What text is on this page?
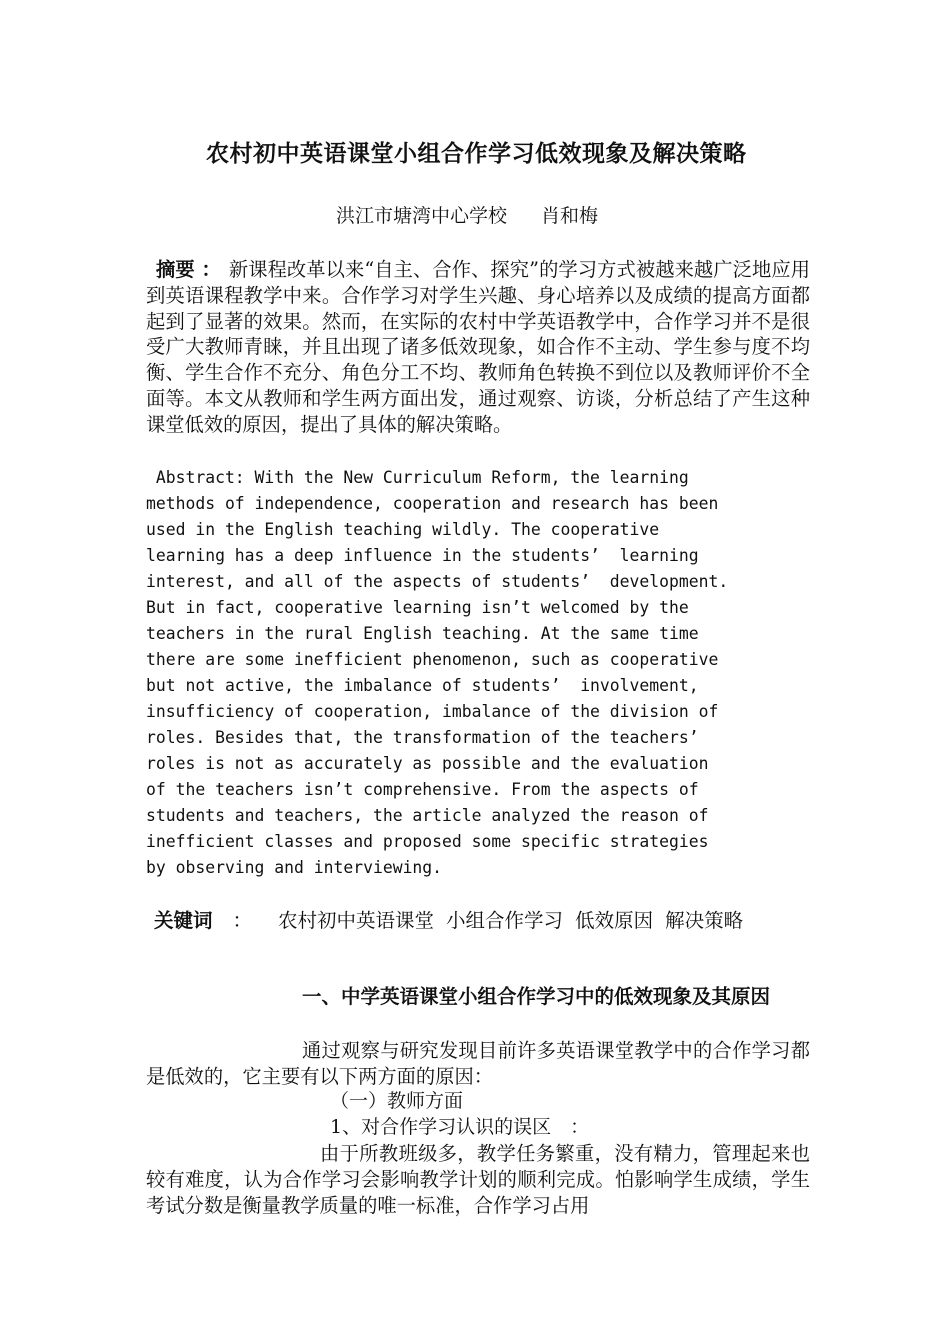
农村初中英语课堂小组合作学习低效现象及解决策略
洪江市塘湾中心学校 肖和梅
摘要 ： 新课程改革以来“自主、合作、探究”的学习方式被越来越广泛地应用到英语课程教学中来。合作学习对学生兴趣、身心培养以及成绩的提高方面都起到了显著的效果。然而，在实际的农村中学英语教学中，合作学习并不是很受广大教师青睐，并且出现了诸多低效现象，如合作不主动、学生参与度不均衡、学生合作不充分、角色分工不均、教师角色转换不到位以及教师评价不全面等。本文从教师和学生两方面出发，通过观察、访谈，分析总结了产生这种课堂低效的原因，提出了具体的解决策略。
Abstract: With the New Curriculum Reform, the learning
methods of independence, cooperation and research has been
used in the English teaching wildly. The cooperative
learning has a deep influence in the students’  learning
interest, and all of the aspects of students’  development.
But in fact, cooperative learning isn’t welcomed by the
teachers in the rural English teaching. At the same time
there are some inefficient phenomenon, such as cooperative
but not active, the imbalance of students’  involvement,
insufficiency of cooperation, imbalance of the division of
roles. Besides that, the transformation of the teachers’
roles is not as accurately as possible and the evaluation
of the teachers isn’t comprehensive. From the aspects of
students and teachers, the article analyzed the reason of
inefficient classes and proposed some specific strategies
by observing and interviewing.
关键词 ： 农村初中英语课堂 小组合作学习 低效原因 解决策略
一、中学英语课堂小组合作学习中的低效现象及其原因
通过观察与研究发现目前许多英语课堂教学中的合作学习都是低效的，它主要有以下两方面的原因：
（一）教师方面
1、对合作学习认识的误区　：
由于所教班级多，教学任务繁重，没有精力，管理起来也较有难度，认为合作学习会影响教学计划的顺利完成。怕影响学生成绩，学生考试分数是衡量教学质量的唯一标准，合作学习占用
